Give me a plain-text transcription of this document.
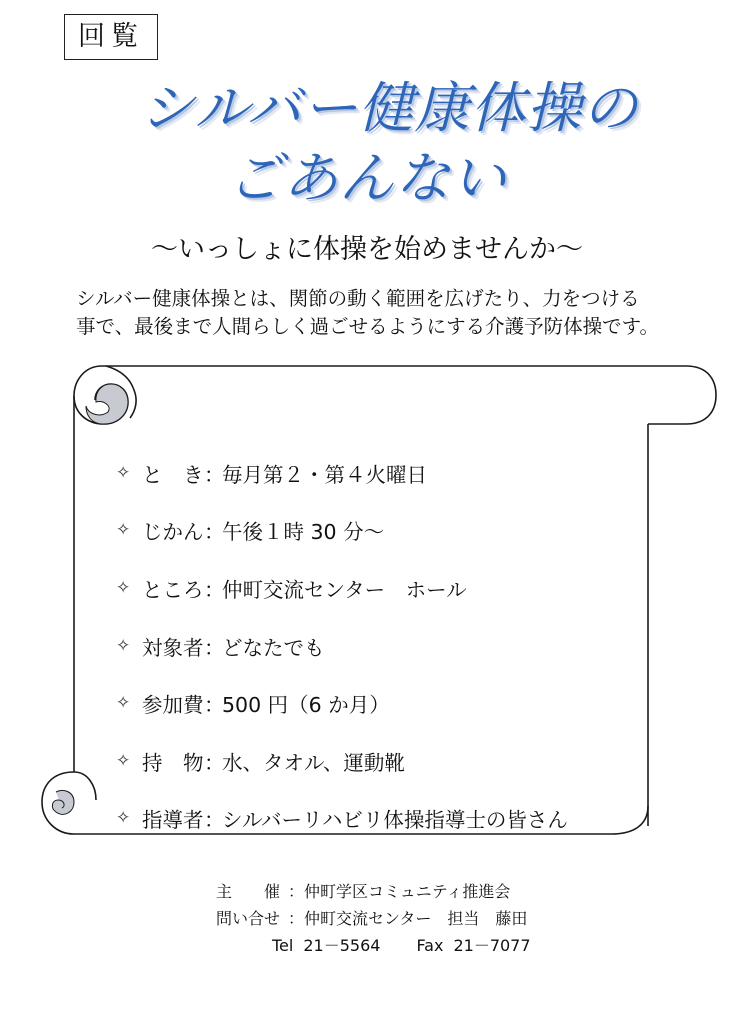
回覧
シルバー健康体操の
ごあんない
～いっしょに体操を始めませんか～

シルバー健康体操とは、関節の動く範囲を広げたり、力をつける

事で、最後まで人間らしく過ごせるようにする介護予防体操です。

✧ と　き ：
毎月第２・第４火曜日
✧ じかん ：
午後１時 30 分～
✧ ところ ：
仲町交流センター　ホール
✧ 対象者 ：
どなたでも
✧ 参加費 ：
500 円（6 か月）
✧ 持　物 ：
水、タオル、運動靴
✧ 指導者 ：
シルバーリハビリ体操指導士の皆さん
主　　催 ： 仲町学区コミュニティ推進会
問い合せ ： 仲町交流センター　担当　藤田
Tel 21－5564 Fax 21－7077
